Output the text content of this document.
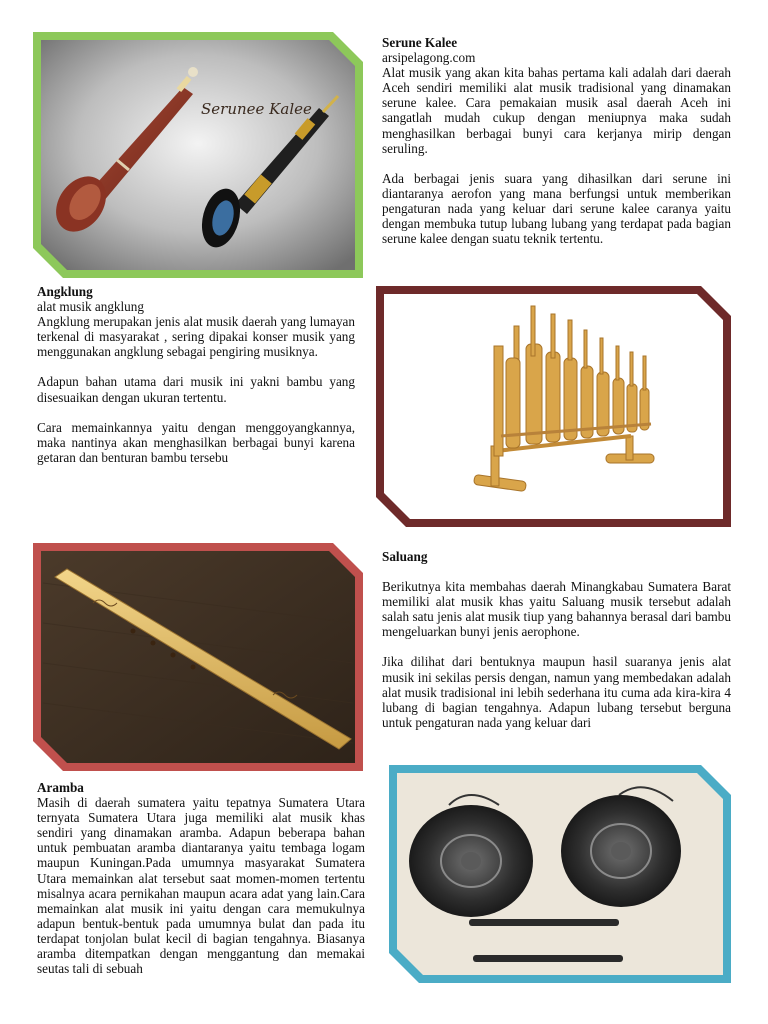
Serunee Kalee
Serune Kalee
arsipelagong.com

Alat musik yang akan kita bahas pertama kali adalah dari daerah Aceh sendiri memiliki alat musik tradisional yang dinamakan serune kalee. Cara pemakaian musik asal daerah Aceh ini sangatlah mudah cukup dengan meniupnya maka sudah menghasilkan berbagai bunyi cara kerjanya mirip dengan seruling.

Ada berbagai jenis suara yang dihasilkan dari serune ini diantaranya aerofon yang mana berfungsi untuk memberikan pengaturan nada yang keluar dari serune kalee caranya yaitu dengan membuka tutup lubang lubang yang terdapat pada bagian serune kalee dengan suatu teknik tertentu.

Angklung
alat musik angklung

Angklung merupakan jenis alat musik daerah yang lumayan terkenal di masyarakat , sering dipakai konser musik yang menggunakan angklung sebagai pengiring musiknya.

Adapun bahan utama dari musik ini yakni bambu yang disesuaikan dengan ukuran tertentu.

Cara memainkannya yaitu dengan menggoyangkannya, maka nantinya akan menghasilkan berbagai bunyi karena getaran dan benturan bambu tersebu

Saluang

Berikutnya kita membahas daerah Minangkabau Sumatera Barat memiliki alat musik khas yaitu Saluang musik tersebut adalah salah satu jenis alat musik tiup yang bahannya berasal dari bambu mengeluarkan bunyi jenis aerophone.

Jika dilihat dari bentuknya maupun hasil suaranya jenis alat musik ini sekilas persis dengan, namun yang membedakan adalah alat musik tradisional ini lebih sederhana itu cuma ada kira-kira 4 lubang di bagian tengahnya. Adapun lubang tersebut berguna untuk pengaturan nada yang keluar dari

Aramba

Masih di daerah sumatera yaitu tepatnya Sumatera Utara ternyata Sumatera Utara juga memiliki alat musik khas sendiri yang dinamakan aramba. Adapun beberapa bahan untuk pembuatan aramba diantaranya yaitu tembaga logam maupun Kuningan.Pada umumnya masyarakat Sumatera Utara memainkan alat tersebut saat momen-momen tertentu misalnya acara pernikahan maupun acara adat yang lain.Cara memainkan alat musik ini yaitu dengan cara memukulnya adapun bentuk-bentuk pada umumnya bulat dan pada itu terdapat tonjolan bulat kecil di bagian tengahnya. Biasanya aramba ditempatkan dengan menggantung dan memakai seutas tali di sebuah
